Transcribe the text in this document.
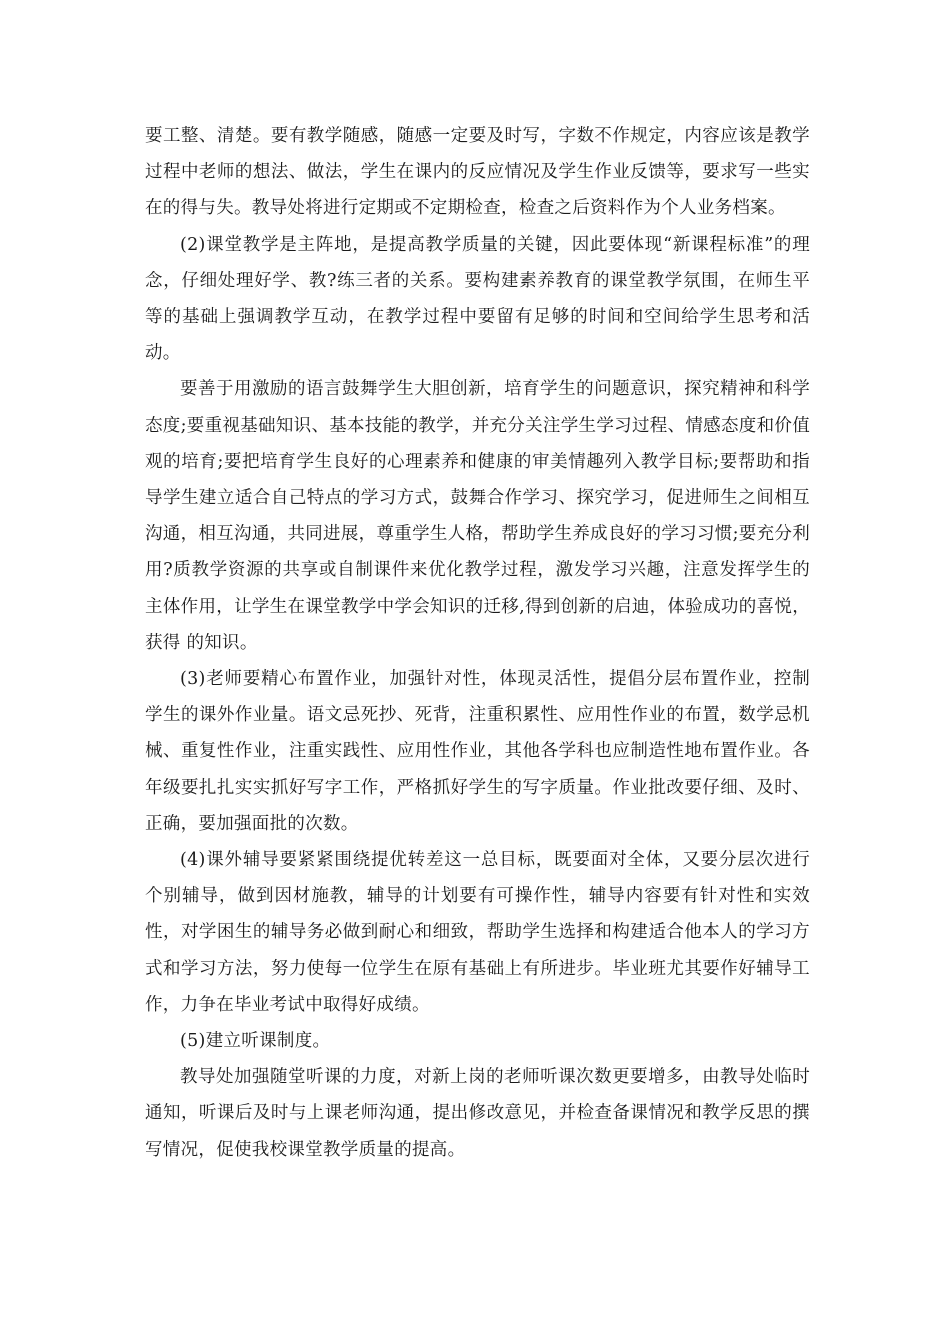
要工整、清楚。要有教学随感，随感一定要及时写，字数不作规定，内容应该是教学过程中老师的想法、做法，学生在课内的反应情况及学生作业反馈等，要求写一些实在的得与失。教导处将进行定期或不定期检查，检查之后资料作为个人业务档案。

(2)课堂教学是主阵地，是提高教学质量的关键，因此要体现“新课程标准”的理念，仔细处理好学、教?练三者的关系。要构建素养教育的课堂教学氛围，在师生平等的基础上强调教学互动，在教学过程中要留有足够的时间和空间给学生思考和活动。

要善于用激励的语言鼓舞学生大胆创新，培育学生的问题意识，探究精神和科学态度;要重视基础知识、基本技能的教学，并充分关注学生学习过程、情感态度和价值观的培育;要把培育学生良好的心理素养和健康的审美情趣列入教学目标;要帮助和指导学生建立适合自己特点的学习方式，鼓舞合作学习、探究学习，促进师生之间相互沟通，相互沟通，共同进展，尊重学生人格，帮助学生养成良好的学习习惯;要充分利用?质教学资源的共享或自制课件来优化教学过程，激发学习兴趣，注意发挥学生的主体作用，让学生在课堂教学中学会知识的迁移,得到创新的启迪，体验成功的喜悦，获得 的知识。

(3)老师要精心布置作业，加强针对性，体现灵活性，提倡分层布置作业，控制学生的课外作业量。语文忌死抄、死背，注重积累性、应用性作业的布置，数学忌机械、重复性作业，注重实践性、应用性作业，其他各学科也应制造性地布置作业。各年级要扎扎实实抓好写字工作，严格抓好学生的写字质量。作业批改要仔细、及时、正确，要加强面批的次数。

(4)课外辅导要紧紧围绕提优转差这一总目标，既要面对全体，又要分层次进行个别辅导，做到因材施教，辅导的计划要有可操作性，辅导内容要有针对性和实效性，对学困生的辅导务必做到耐心和细致，帮助学生选择和构建适合他本人的学习方式和学习方法，努力使每一位学生在原有基础上有所进步。毕业班尤其要作好辅导工作，力争在毕业考试中取得好成绩。

(5)建立听课制度。

教导处加强随堂听课的力度，对新上岗的老师听课次数更要增多，由教导处临时通知，听课后及时与上课老师沟通，提出修改意见，并检查备课情况和教学反思的撰写情况，促使我校课堂教学质量的提高。
